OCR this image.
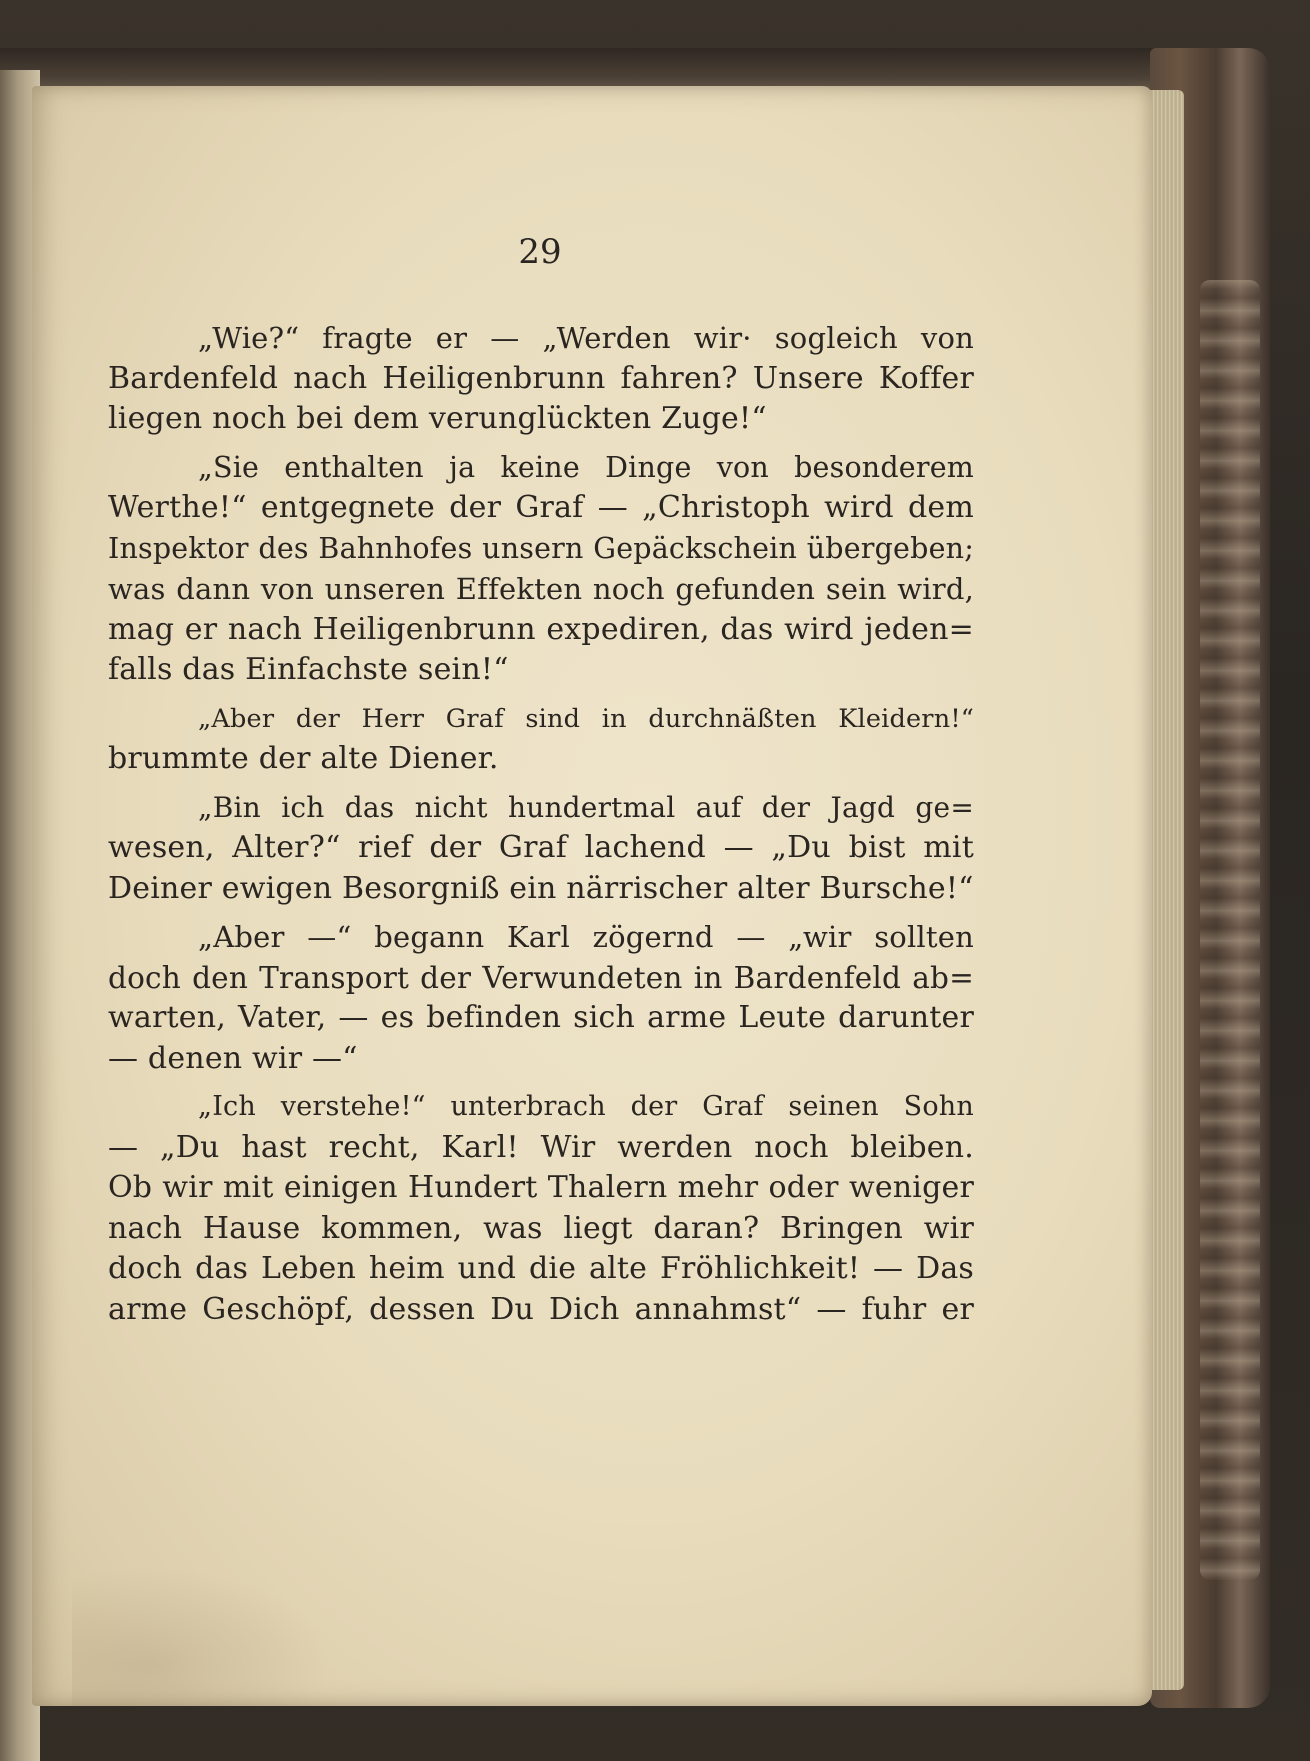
29
„Wie?“ fragte er — „Werden wir· sogleich von
Bardenfeld nach Heiligenbrunn fahren? Unsere Koffer
liegen noch bei dem verunglückten Zuge!“
„Sie enthalten ja keine Dinge von besonderem
Werthe!“ entgegnete der Graf — „Christoph wird dem
Inspektor des Bahnhofes unsern Gepäckschein übergeben;
was dann von unseren Effekten noch gefunden sein wird,
mag er nach Heiligenbrunn expediren, das wird jeden=
falls das Einfachste sein!“
„Aber der Herr Graf sind in durchnäßten Kleidern!“
brummte der alte Diener.
„Bin ich das nicht hundertmal auf der Jagd ge=
wesen, Alter?“ rief der Graf lachend — „Du bist mit
Deiner ewigen Besorgniß ein närrischer alter Bursche!“
„Aber —“ begann Karl zögernd — „wir sollten
doch den Transport der Verwundeten in Bardenfeld ab=
warten, Vater, — es befinden sich arme Leute darunter
— denen wir —“
„Ich verstehe!“ unterbrach der Graf seinen Sohn
— „Du hast recht, Karl! Wir werden noch bleiben.
Ob wir mit einigen Hundert Thalern mehr oder weniger
nach Hause kommen, was liegt daran? Bringen wir
doch das Leben heim und die alte Fröhlichkeit! — Das
arme Geschöpf, dessen Du Dich annahmst“ — fuhr er
